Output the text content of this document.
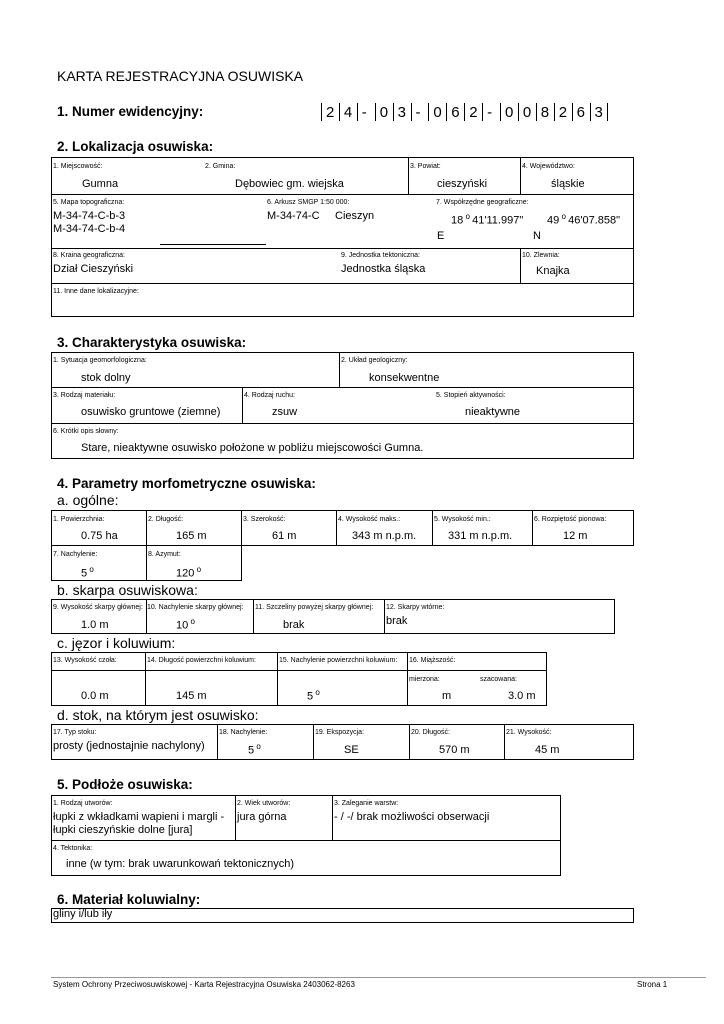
KARTA REJESTRACYJNA OSUWISKA
1. Numer ewidencyjny:	2 4 - 0 3 - 0 6 2 - 0 0 8 2 6 3
2. Lokalizacja osuwiska:
1. Miejscowość:
Gumna
2. Gmina:
Dębowiec gm. wiejska
3. Powiat:
cieszyński
4. Województwo:
śląskie
5. Mapa topograficzna:
M-34-74-C-b-3
M-34-74-C-b-4
6. Arkusz SMGP 1:50 000:
M-34-74-C Cieszyn
7. Współrzędne geograficzne:
18 $^o$ 41'11.997"
E
49 $^o$ 46'07.858"
N
8. Kraina geograficzna:
Dział Cieszyński
9. Jednostka tektoniczna:
Jednostka śląska
10. Zlewnia:
Knajka
11. Inne dane lokalizacyjne:
3. Charakterystyka osuwiska:
1. Sytuacja geomorfologiczna:
stok dolny
2. Układ geologiczny:
konsekwentne
3. Rodzaj materiału:
osuwisko gruntowe (ziemne)
4. Rodzaj ruchu:
zsuw
5. Stopień aktywności:
nieaktywne
6. Krótki opis słowny:
Stare, nieaktywne osuwisko położone w pobliżu miejscowości Gumna.
4. Parametry morfometryczne osuwiska:
a. ogólne:
1. Powierzchnia:
0.75 ha
2. Długość:
165 m
3. Szerokość:
61 m
4. Wysokość maks.:
343 m n.p.m.
5. Wysokość min.:
331 m n.p.m.
6. Rozpiętość pionowa:
12 m
7. Nachylenie:
5 $^o$
8. Azymut:
120 $^o$
b. skarpa osuwiskowa:
9. Wysokość skarpy głównej:
1.0 m
10. Nachylenie skarpy głównej:
10 $^o$
11. Szczeliny powyżej skarpy głównej:
brak
12. Skarpy wtórne:
brak
c. jęzor i koluwium:
13. Wysokość czoła:
0.0 m
14. Długość powierzchni koluwium:
145 m
15. Nachylenie powierzchni koluwium:
5 $^o$
16. Miąższość:
mierzona:
m
szacowana:
3.0 m
d. stok, na którym jest osuwisko:
17. Typ stoku:
prosty (jednostajnie nachylony)
18. Nachylenie:
5 $^o$
19. Ekspozycja:
SE
20. Długość:
570 m
21. Wysokość:
45 m
5. Podłoże osuwiska:
1. Rodzaj utworów:
łupki z wkładkami wapieni i margli -
łupki cieszyńskie dolne [jura]
2. Wiek utworów:
jura górna
3. Zaleganie warstw:
- / -/ brak możliwości obserwacji
4. Tektonika:
inne (w tym: brak uwarunkowań tektonicznych)
6. Materiał koluwialny:
gliny i/lub iły
System Ochrony Przeciwosuwiskowej - Karta Rejestracyjna Osuwiska 2403062-8263	Strona 1
